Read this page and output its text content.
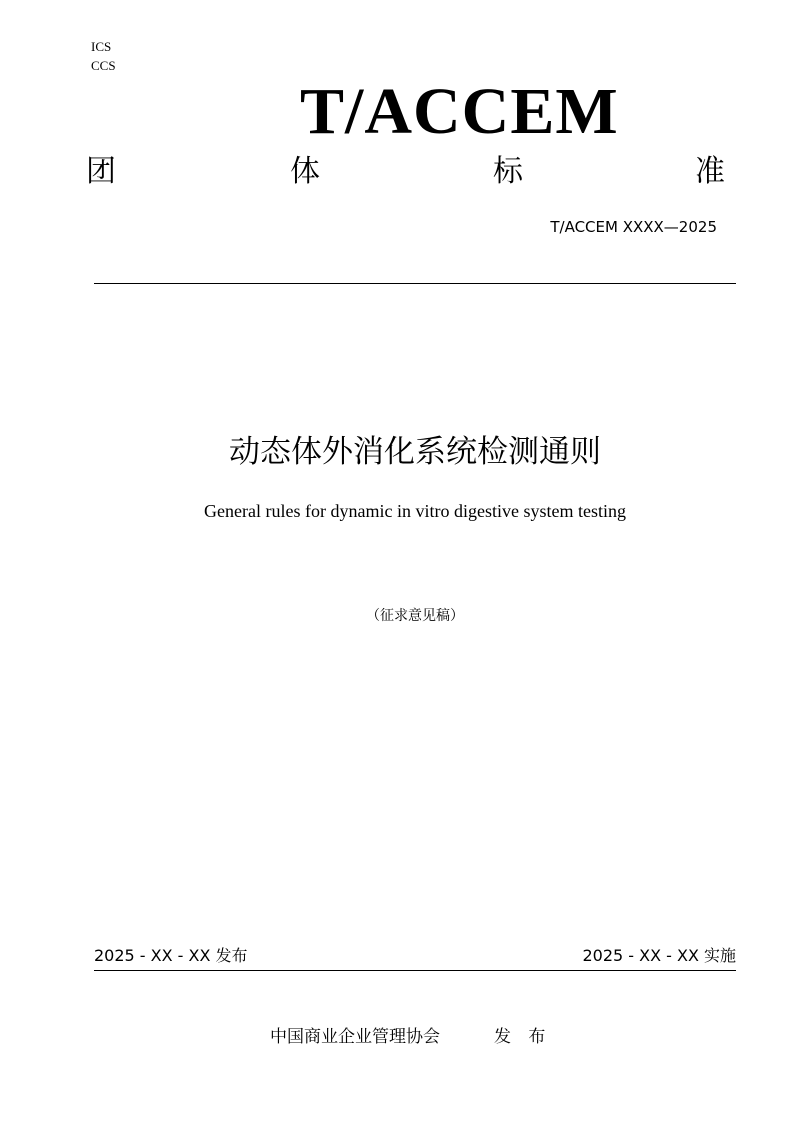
ICS
CCS
T/ACCEM
团	体	标	准
T/ACCEM XXXX—2025
动态体外消化系统检测通则
General rules for dynamic in vitro digestive system testing
（征求意见稿）
2025 - XX - XX 发布	2025 - XX - XX 实施
中国商业企业管理协会	发 布
